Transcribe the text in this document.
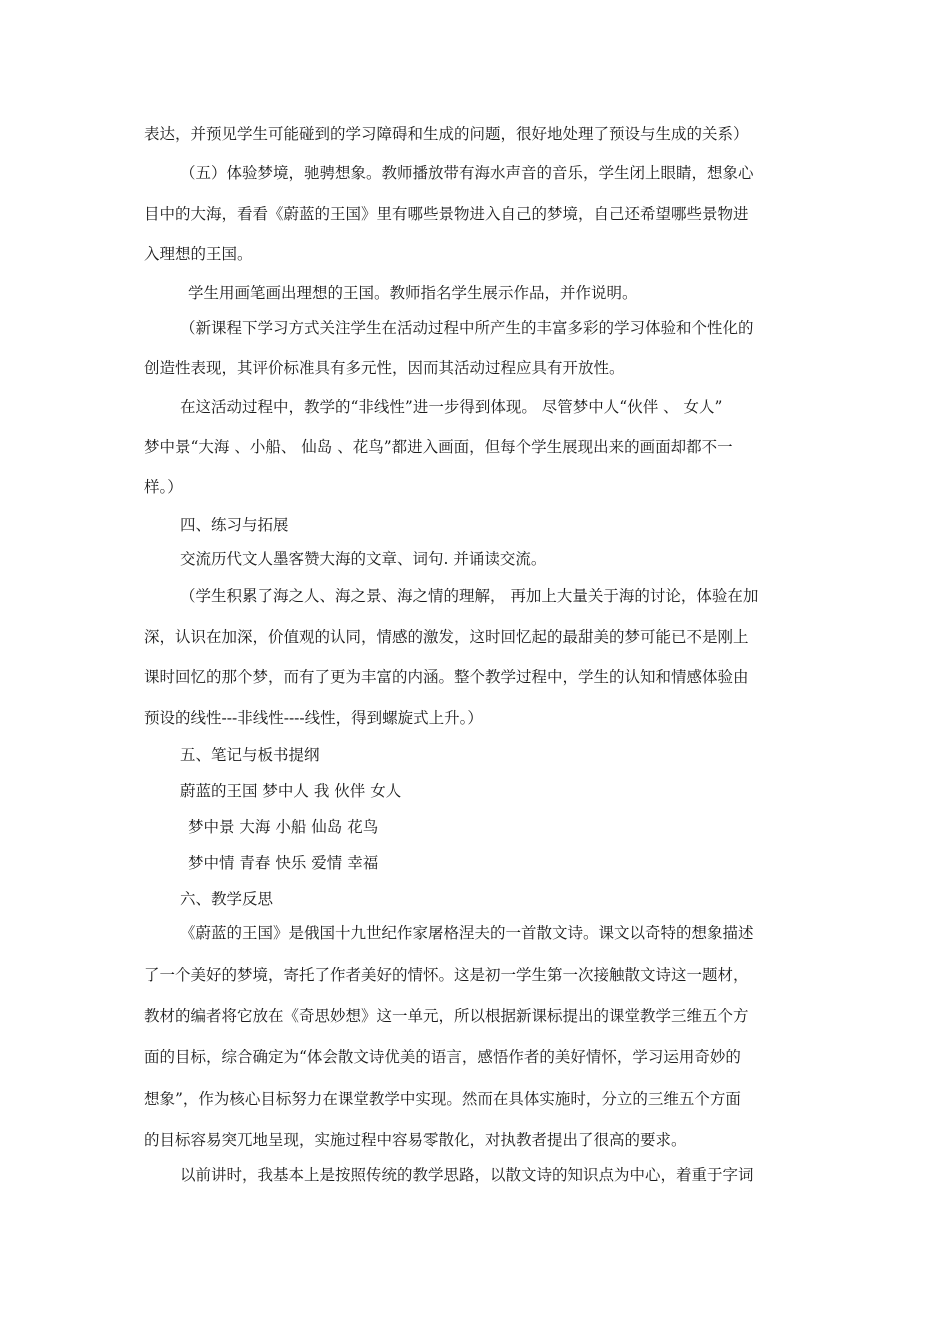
表达，并预见学生可能碰到的学习障碍和生成的问题，很好地处理了预设与生成的关系）
（五）体验梦境，驰骋想象。教师播放带有海水声音的音乐，学生闭上眼睛，想象心
目中的大海，看看《蔚蓝的王国》里有哪些景物进入自己的梦境，自己还希望哪些景物进
入理想的王国。
学生用画笔画出理想的王国。教师指名学生展示作品，并作说明。
（新课程下学习方式关注学生在活动过程中所产生的丰富多彩的学习体验和个性化的
创造性表现，其评价标准具有多元性，因而其活动过程应具有开放性。
在这活动过程中，教学的“非线性”进一步得到体现。 尽管梦中人“伙伴 、 女人”
梦中景“大海 、小船、 仙岛 、花鸟”都进入画面，但每个学生展现出来的画面却都不一
样。）
四、练习与拓展
交流历代文人墨客赞大海的文章、词句. 并诵读交流。
（学生积累了海之人、海之景、海之情的理解， 再加上大量关于海的讨论，体验在加
深，认识在加深，价值观的认同，情感的激发，这时回忆起的最甜美的梦可能已不是刚上
课时回忆的那个梦，而有了更为丰富的内涵。整个教学过程中，学生的认知和情感体验由
预设的线性---非线性----线性，得到螺旋式上升。）
五、笔记与板书提纲
蔚蓝的王国 梦中人 我 伙伴 女人
梦中景 大海 小船 仙岛 花鸟
梦中情 青春 快乐 爱情 幸福
六、教学反思
《蔚蓝的王国》是俄国十九世纪作家屠格涅夫的一首散文诗。课文以奇特的想象描述
了一个美好的梦境，寄托了作者美好的情怀。这是初一学生第一次接触散文诗这一题材，
教材的编者将它放在《奇思妙想》这一单元，所以根据新课标提出的课堂教学三维五个方
面的目标，综合确定为“体会散文诗优美的语言，感悟作者的美好情怀，学习运用奇妙的
想象”，作为核心目标努力在课堂教学中实现。然而在具体实施时，分立的三维五个方面
的目标容易突兀地呈现，实施过程中容易零散化，对执教者提出了很高的要求。
以前讲时，我基本上是按照传统的教学思路，以散文诗的知识点为中心，着重于字词
